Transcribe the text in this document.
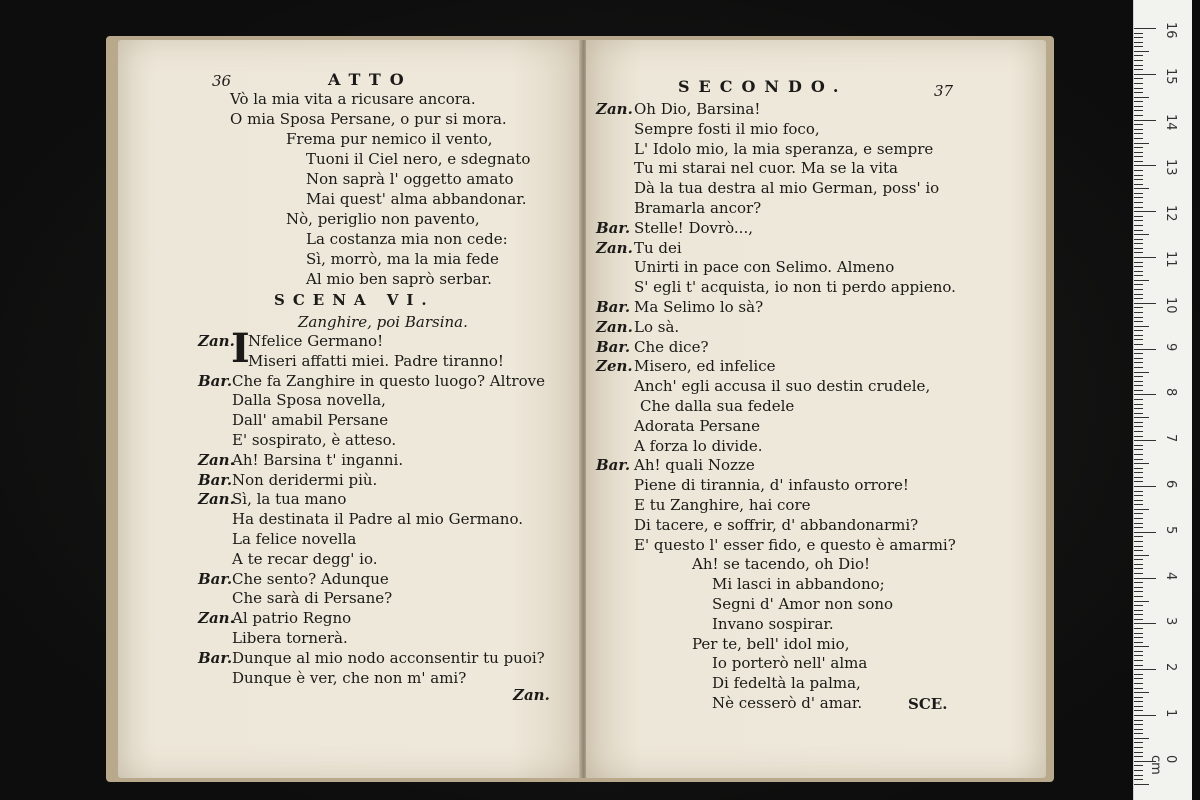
36	ATTO
Vò la mia vita a ricusare ancora.
O mia Sposa Persane, o pur si mora.
Frema pur nemico il vento,
Tuoni il Ciel nero, e sdegnato
Non saprà l' oggetto amato
Mai quest' alma abbandonar.
Nò, periglio non pavento,
La costanza mia non cede:
Sì, morrò, ma la mia fede
Al mio ben saprò serbar.
SCENA VI.
Zanghire, poi Barsina.
I
Zan. Nfelice Germano!
Miseri affatti miei. Padre tiranno!
Bar. Che fa Zanghire in questo luogo? Altrove
Dalla Sposa novella,
Dall' amabil Persane
E' sospirato, è atteso.
Zan.
Ah! Barsina t' inganni.
Bar. Non deridermi più.
Zan.
Sì, la tua mano
Ha destinata il Padre al mio Germano.
La felice novella
A te recar degg' io.
Bar. Che sento? Adunque
Che sarà di Persane?
Zan.
Al patrio Regno
Libera tornerà.
Bar. Dunque al mio nodo acconsentir tu puoi?
Dunque è ver, che non m' ami?
Zan.
SECONDO.	37
Zan. Oh Dio, Barsina!
Sempre fosti il mio foco,
L' Idolo mio, la mia speranza, e sempre
Tu mi starai nel cuor. Ma se la vita
Dà la tua destra al mio German, poss' io
Bramarla ancor?
Bar. Stelle! Dovrò...,
Zan. Tu dei
Unirti in pace con Selimo. Almeno
S' egli t' acquista, io non ti perdo appieno.
Bar. Ma Selimo lo sà?
Zan. Lo sà.
Bar. Che dice?
Zen. Misero, ed infelice
Anch' egli accusa il suo destin crudele,
Che dalla sua fedele
Adorata Persane
A forza lo divide.
Bar. Ah! quali Nozze
Piene di tirannia, d' infausto orrore!
E tu Zanghire, hai core
Di tacere, e soffrir, d' abbandonarmi?
E' questo l' esser fido, e questo è amarmi?
Ah! se tacendo, oh Dio!
Mi lasci in abbandono;
Segni d' Amor non sono
Invano sospirar.
Per te, bell' idol mio,
Io porterò nell' alma
Di fedeltà la palma,
Nè cesserò d' amar.	SCE.
16
15
14
13
12
11
10
9
8
7
6
5
4
3
2
1
0 cm
